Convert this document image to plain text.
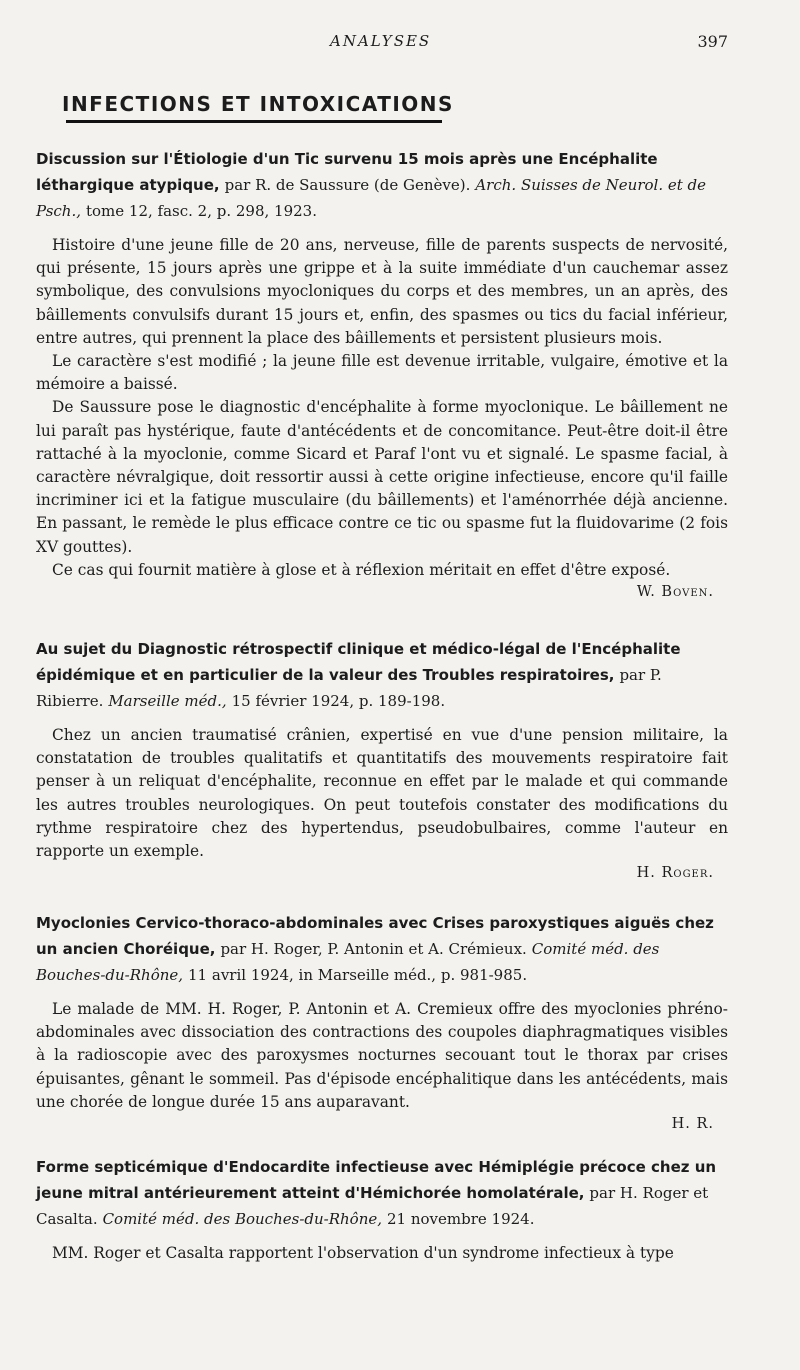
ANALYSES	397
INFECTIONS ET INTOXICATIONS

Discussion sur l'Étiologie d'un Tic survenu 15 mois après une Encéphalite léthargique atypique, par R. de Saussure (de Genève). Arch. Suisses de Neurol. et de Psch., tome 12, fasc. 2, p. 298, 1923.

Histoire d'une jeune fille de 20 ans, nerveuse, fille de parents suspects de nervosité, qui présente, 15 jours après une grippe et à la suite immédiate d'un cauchemar assez symbolique, des convulsions myocloniques du corps et des membres, un an après, des bâillements convulsifs durant 15 jours et, enfin, des spasmes ou tics du facial inférieur, entre autres, qui prennent la place des bâillements et persistent plusieurs mois.

Le caractère s'est modifié ; la jeune fille est devenue irritable, vulgaire, émotive et la mémoire a baissé.

De Saussure pose le diagnostic d'encéphalite à forme myoclonique. Le bâillement ne lui paraît pas hystérique, faute d'antécédents et de concomitance. Peut-être doit-il être rattaché à la myoclonie, comme Sicard et Paraf l'ont vu et signalé. Le spasme facial, à caractère névralgique, doit ressortir aussi à cette origine infectieuse, encore qu'il faille incriminer ici et la fatigue musculaire (du bâillements) et l'aménorrhée déjà ancienne. En passant, le remède le plus efficace contre ce tic ou spasme fut la fluidovarime (2 fois XV gouttes).

Ce cas qui fournit matière à glose et à réflexion méritait en effet d'être exposé.

W. Boven.

Au sujet du Diagnostic rétrospectif clinique et médico-légal de l'Encéphalite épidémique et en particulier de la valeur des Troubles respiratoires, par P. Ribierre. Marseille méd., 15 février 1924, p. 189-198.

Chez un ancien traumatisé crânien, expertisé en vue d'une pension militaire, la constatation de troubles qualitatifs et quantitatifs des mouvements respiratoire fait penser à un reliquat d'encéphalite, reconnue en effet par le malade et qui commande les autres troubles neurologiques. On peut toutefois constater des modifications du rythme respiratoire chez des hypertendus, pseudobulbaires, comme l'auteur en rapporte un exemple.

H. Roger.

Myoclonies Cervico-thoraco-abdominales avec Crises paroxystiques aiguës chez un ancien Choréique, par H. Roger, P. Antonin et A. Crémieux. Comité méd. des Bouches-du-Rhône, 11 avril 1924, in Marseille méd., p. 981-985.

Le malade de MM. H. Roger, P. Antonin et A. Cremieux offre des myoclonies phréno-abdominales avec dissociation des contractions des coupoles diaphragmatiques visibles à la radioscopie avec des paroxysmes nocturnes secouant tout le thorax par crises épuisantes, gênant le sommeil. Pas d'épisode encéphalitique dans les antécédents, mais une chorée de longue durée 15 ans auparavant.

H. R.

Forme septicémique d'Endocardite infectieuse avec Hémiplégie précoce chez un jeune mitral antérieurement atteint d'Hémichorée homolatérale, par H. Roger et Casalta. Comité méd. des Bouches-du-Rhône, 21 novembre 1924.

MM. Roger et Casalta rapportent l'observation d'un syndrome infectieux à type
